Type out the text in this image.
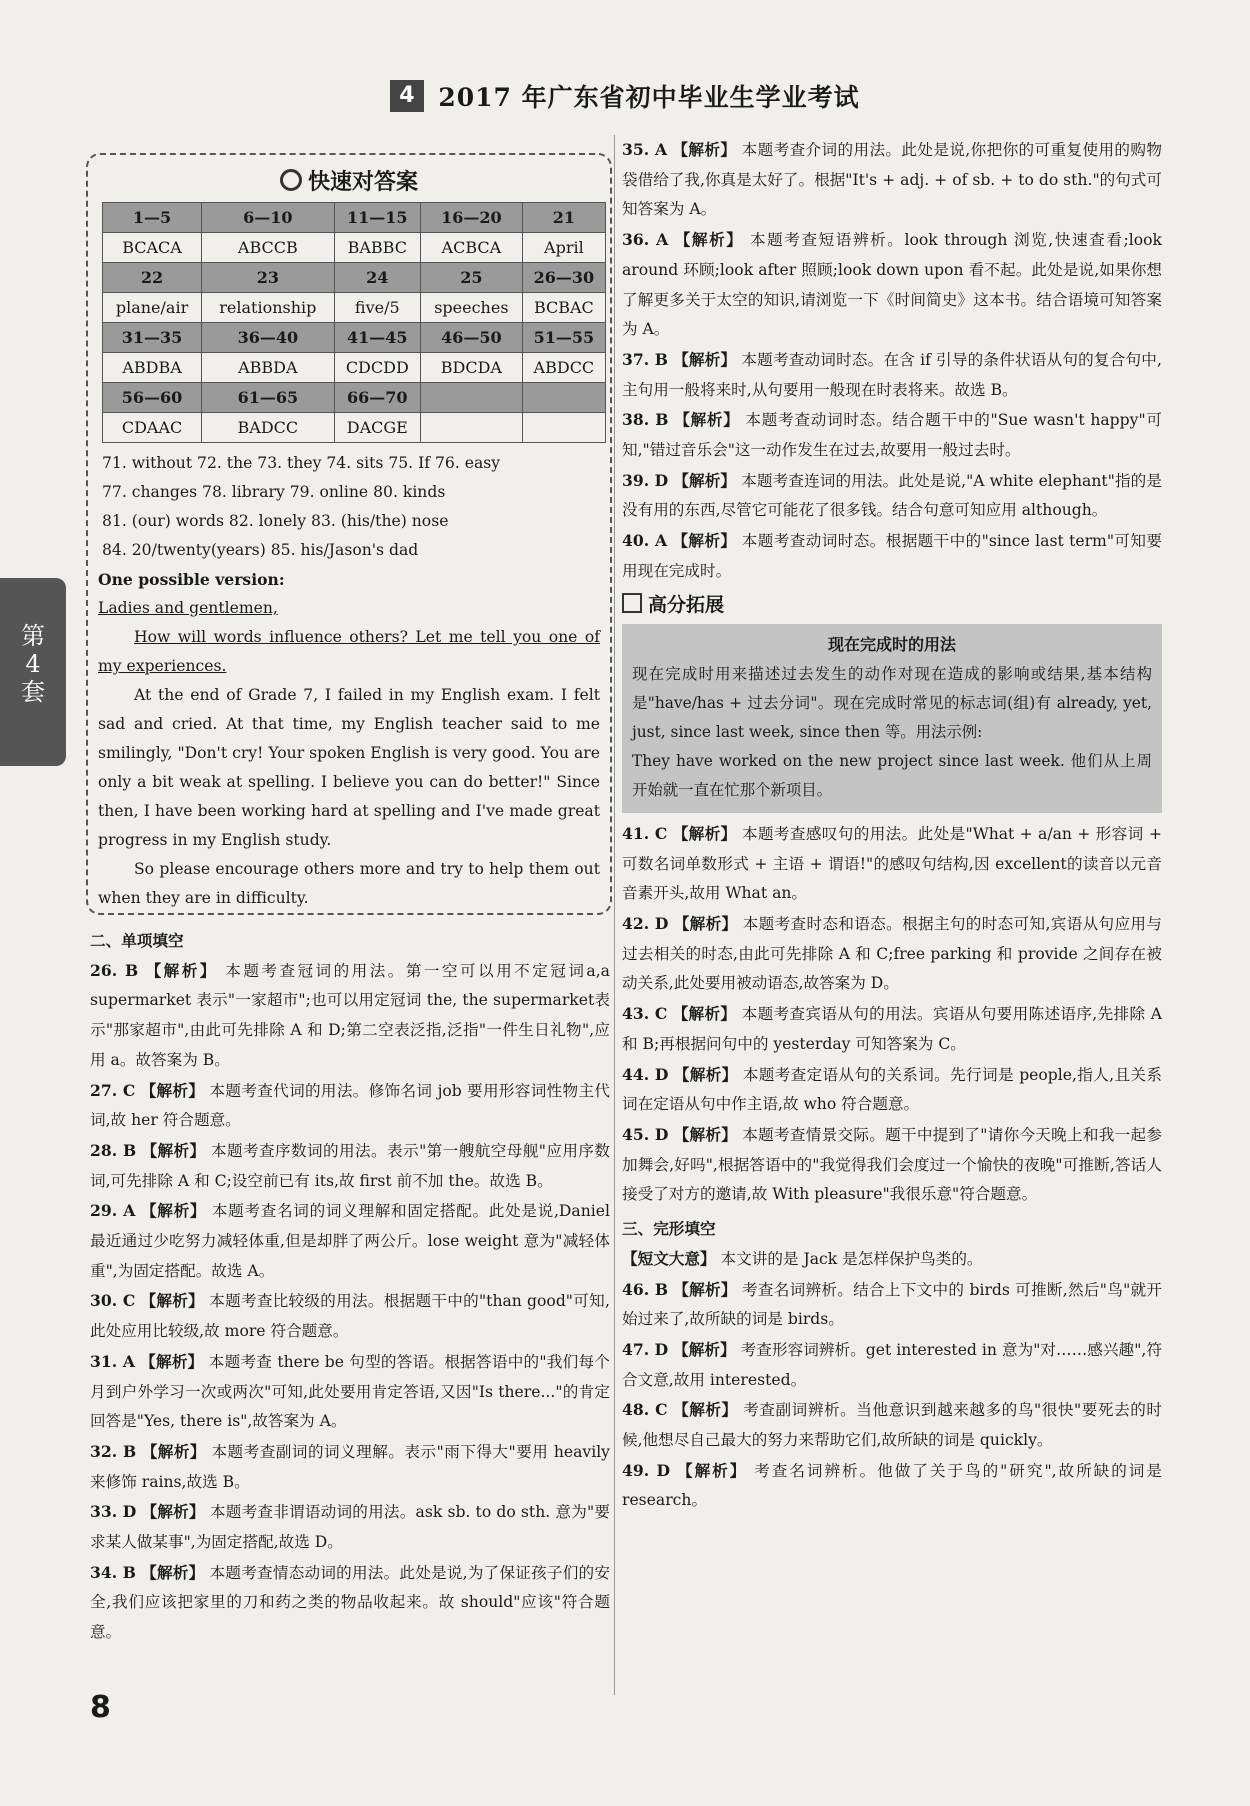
4 2017 年广东省初中毕业生学业考试
第
4
套
快速对答案
1—5	6—10	11—15	16—20	21
BCACA	ABCCB	BABBC	ACBCA	April
22	23	24	25	26—30
plane/air	relationship	five/5	speeches	BCBAC
31—35	36—40	41—45	46—50	51—55
ABDBA	ABBDA	CDCDD	BDCDA	ABDCC
56—60	61—65	66—70		
CDAAC	BADCC	DACGE		
71. without 72. the 73. they 74. sits 75. If 76. easy
77. changes 78. library 79. online 80. kinds
81. (our) words 82. lonely 83. (his/the) nose
84. 20/twenty(years) 85. his/Jason's dad

One possible version:

Ladies and gentlemen,

How will words influence others? Let me tell you one of my experiences.

At the end of Grade 7, I failed in my English exam. I felt sad and cried. At that time, my English teacher said to me smilingly, "Don't cry! Your spoken English is very good. You are only a bit weak at spelling. I believe you can do better!" Since then, I have been working hard at spelling and I've made great progress in my English study.

So please encourage others more and try to help them out when they are in difficulty.

二、单项填空

26. B 【解析】 本题考查冠词的用法。第一空可以用不定冠词a,a supermarket 表示"一家超市";也可以用定冠词 the, the supermarket表示"那家超市",由此可先排除 A 和 D;第二空表泛指,泛指"一件生日礼物",应用 a。故答案为 B。

27. C 【解析】 本题考查代词的用法。修饰名词 job 要用形容词性物主代词,故 her 符合题意。

28. B 【解析】 本题考查序数词的用法。表示"第一艘航空母舰"应用序数词,可先排除 A 和 C;设空前已有 its,故 first 前不加 the。故选 B。

29. A 【解析】 本题考查名词的词义理解和固定搭配。此处是说,Daniel 最近通过少吃努力减轻体重,但是却胖了两公斤。lose weight 意为"减轻体重",为固定搭配。故选 A。

30. C 【解析】 本题考查比较级的用法。根据题干中的"than good"可知,此处应用比较级,故 more 符合题意。

31. A 【解析】 本题考查 there be 句型的答语。根据答语中的"我们每个月到户外学习一次或两次"可知,此处要用肯定答语,又因"Is there..."的肯定回答是"Yes, there is",故答案为 A。

32. B 【解析】 本题考查副词的词义理解。表示"雨下得大"要用 heavily 来修饰 rains,故选 B。

33. D 【解析】 本题考查非谓语动词的用法。ask sb. to do sth. 意为"要求某人做某事",为固定搭配,故选 D。

34. B 【解析】 本题考查情态动词的用法。此处是说,为了保证孩子们的安全,我们应该把家里的刀和药之类的物品收起来。故 should"应该"符合题意。

35. A 【解析】 本题考查介词的用法。此处是说,你把你的可重复使用的购物袋借给了我,你真是太好了。根据"It's + adj. + of sb. + to do sth."的句式可知答案为 A。

36. A 【解析】 本题考查短语辨析。look through 浏览,快速查看;look around 环顾;look after 照顾;look down upon 看不起。此处是说,如果你想了解更多关于太空的知识,请浏览一下《时间简史》这本书。结合语境可知答案为 A。

37. B 【解析】 本题考查动词时态。在含 if 引导的条件状语从句的复合句中,主句用一般将来时,从句要用一般现在时表将来。故选 B。

38. B 【解析】 本题考查动词时态。结合题干中的"Sue wasn't happy"可知,"错过音乐会"这一动作发生在过去,故要用一般过去时。

39. D 【解析】 本题考查连词的用法。此处是说,"A white elephant"指的是没有用的东西,尽管它可能花了很多钱。结合句意可知应用 although。

40. A 【解析】 本题考查动词时态。根据题干中的"since last term"可知要用现在完成时。

高分拓展
现在完成时的用法

现在完成时用来描述过去发生的动作对现在造成的影响或结果,基本结构是"have/has + 过去分词"。现在完成时常见的标志词(组)有 already, yet, just, since last week, since then 等。用法示例:

They have worked on the new project since last week. 他们从上周开始就一直在忙那个新项目。

41. C 【解析】 本题考查感叹句的用法。此处是"What + a/an + 形容词 + 可数名词单数形式 + 主语 + 谓语!"的感叹句结构,因 excellent的读音以元音音素开头,故用 What an。

42. D 【解析】 本题考查时态和语态。根据主句的时态可知,宾语从句应用与过去相关的时态,由此可先排除 A 和 C;free parking 和 provide 之间存在被动关系,此处要用被动语态,故答案为 D。

43. C 【解析】 本题考查宾语从句的用法。宾语从句要用陈述语序,先排除 A 和 B;再根据问句中的 yesterday 可知答案为 C。

44. D 【解析】 本题考查定语从句的关系词。先行词是 people,指人,且关系词在定语从句中作主语,故 who 符合题意。

45. D 【解析】 本题考查情景交际。题干中提到了"请你今天晚上和我一起参加舞会,好吗",根据答语中的"我觉得我们会度过一个愉快的夜晚"可推断,答话人接受了对方的邀请,故 With pleasure"我很乐意"符合题意。

三、完形填空

【短文大意】 本文讲的是 Jack 是怎样保护鸟类的。

46. B 【解析】 考查名词辨析。结合上下文中的 birds 可推断,然后"鸟"就开始过来了,故所缺的词是 birds。

47. D 【解析】 考查形容词辨析。get interested in 意为"对……感兴趣",符合文意,故用 interested。

48. C 【解析】 考查副词辨析。当他意识到越来越多的鸟"很快"要死去的时候,他想尽自己最大的努力来帮助它们,故所缺的词是 quickly。

49. D 【解析】 考查名词辨析。他做了关于鸟的"研究",故所缺的词是 research。

8
